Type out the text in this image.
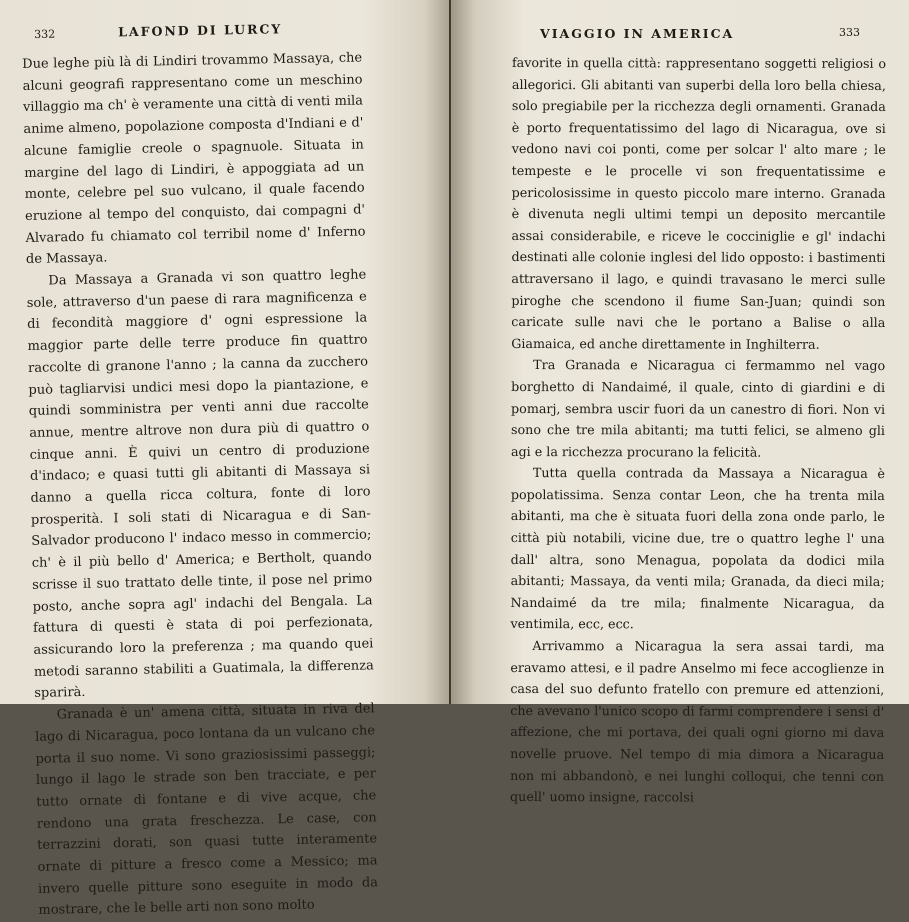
332	LAFOND DI LURCY

Due leghe più là di Lindiri trovammo Massaya, che alcuni geografi rappresentano come un meschino villaggio ma ch' è veramente una città di venti mila anime almeno, popolazione composta d'Indiani e d' alcune famiglie creole o spagnuole. Situata in margine del lago di Lindiri, è appoggiata ad un monte, celebre pel suo vulcano, il quale facendo eruzione al tempo del conquisto, dai compagni d' Alvarado fu chiamato col terribil nome d' Inferno de Massaya.

Da Massaya a Granada vi son quattro leghe sole, attraverso d'un paese di rara magnificenza e di fecondità maggiore d' ogni espressione la maggior parte delle terre produce fin quattro raccolte di granone l'anno ; la canna da zucchero può tagliarvisi undici mesi dopo la piantazione, e quindi somministra per venti anni due raccolte annue, mentre altrove non dura più di quattro o cinque anni. È quivi un centro di produzione d'indaco; e quasi tutti gli abitanti di Massaya si danno a quella ricca coltura, fonte di loro prosperità. I soli stati di Nicaragua e di San-Salvador producono l' indaco messo in commercio; ch' è il più bello d' America; e Bertholt, quando scrisse il suo trattato delle tinte, il pose nel primo posto, anche sopra agl' indachi del Bengala. La fattura di questi è stata di poi perfezionata, assicurando loro la preferenza ; ma quando quei metodi saranno stabiliti a Guatimala, la differenza sparirà.

Granada è un' amena città, situata in riva del lago di Nicaragua, poco lontana da un vulcano che porta il suo nome. Vi sono graziosissimi passeggi; lungo il lago le strade son ben tracciate, e per tutto ornate di fontane e di vive acque, che rendono una grata freschezza. Le case, con terrazzini dorati, son quasi tutte interamente ornate di pitture a fresco come a Messico; ma invero quelle pitture sono eseguite in modo da mostrare, che le belle arti non sono molto

VIAGGIO IN AMERICA	333

favorite in quella città: rappresentano soggetti religiosi o allegorici. Gli abitanti van superbi della loro bella chiesa, solo pregiabile per la ricchezza degli ornamenti. Granada è porto frequentatissimo del lago di Nicaragua, ove si vedono navi coi ponti, come per solcar l' alto mare ; le tempeste e le procelle vi son frequentatissime e pericolosissime in questo piccolo mare interno. Granada è divenuta negli ultimi tempi un deposito mercantile assai considerabile, e riceve le cocciniglie e gl' indachi destinati alle colonie inglesi del lido opposto: i bastimenti attraversano il lago, e quindi travasano le merci sulle piroghe che scendono il fiume San-Juan; quindi son caricate sulle navi che le portano a Balise o alla Giamaica, ed anche direttamente in Inghilterra.

Tra Granada e Nicaragua ci fermammo nel vago borghetto di Nandaimé, il quale, cinto di giardini e di pomarj, sembra uscir fuori da un canestro di fiori. Non vi sono che tre mila abitanti; ma tutti felici, se almeno gli agi e la ricchezza procurano la felicità.

Tutta quella contrada da Massaya a Nicaragua è popolatissima. Senza contar Leon, che ha trenta mila abitanti, ma che è situata fuori della zona onde parlo, le città più notabili, vicine due, tre o quattro leghe l' una dall' altra, sono Menagua, popolata da dodici mila abitanti; Massaya, da venti mila; Granada, da dieci mila; Nandaimé da tre mila; finalmente Nicaragua, da ventimila, ecc, ecc.

Arrivammo a Nicaragua la sera assai tardi, ma eravamo attesi, e il padre Anselmo mi fece accoglienze in casa del suo defunto fratello con premure ed attenzioni, che avevano l'unico scopo di farmi comprendere i sensi d' affezione, che mi portava, dei quali ogni giorno mi dava novelle pruove. Nel tempo di mia dimora a Nicaragua non mi abbandonò, e nei lunghi colloqui, che tenni con quell' uomo insigne, raccolsi
